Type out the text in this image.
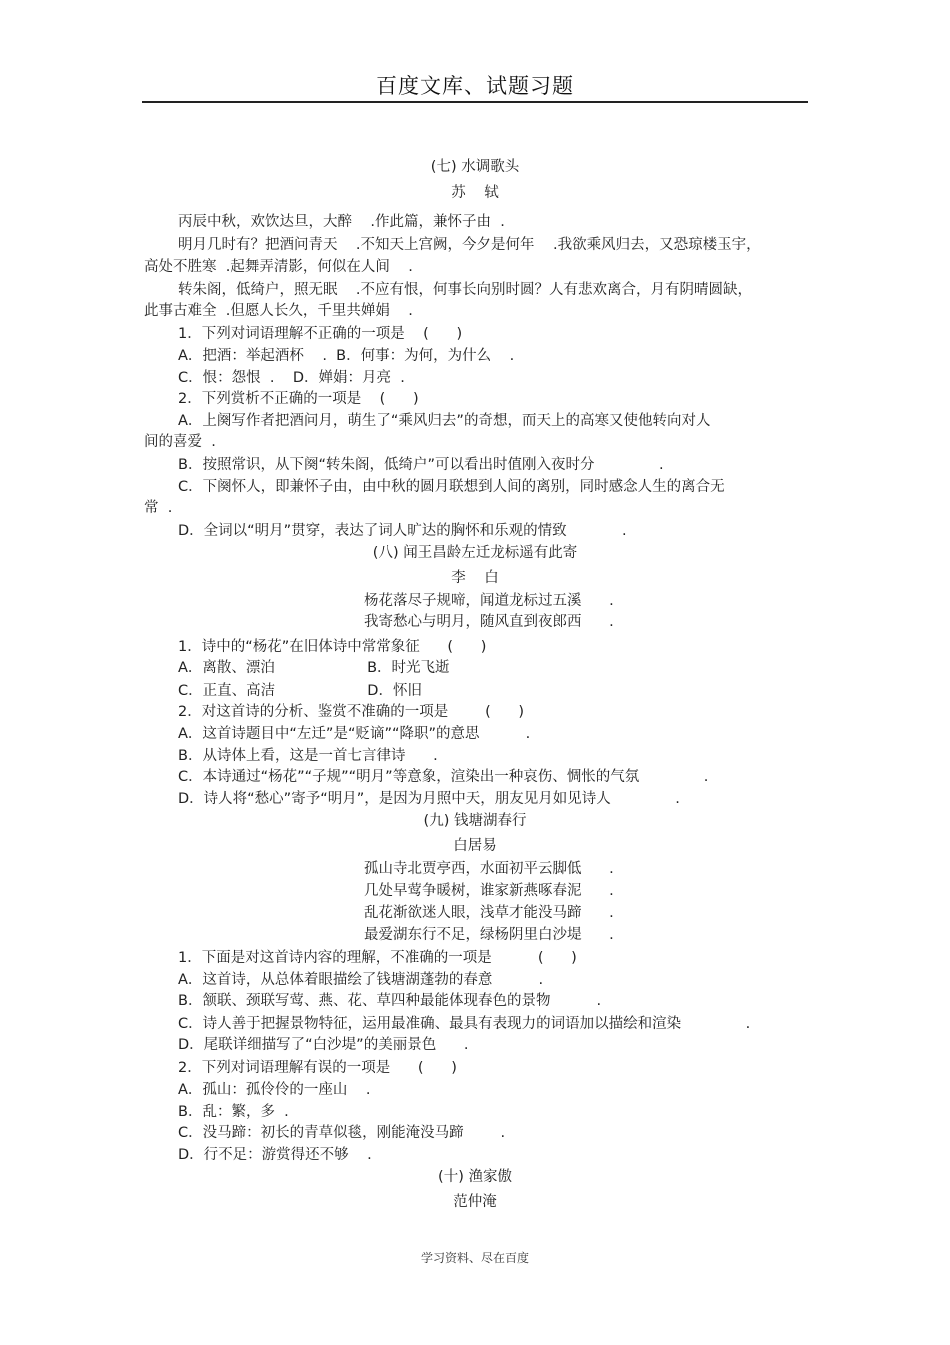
百度文库、试题习题
(七) 水调歌头
苏    轼
丙辰中秋，欢饮达旦，大醉    .作此篇，兼怀子由  .
明月几时有？把酒问青天    .不知天上宫阙，今夕是何年    .我欲乘风归去，又恐琼楼玉宇，
高处不胜寒  .起舞弄清影，何似在人间    .
转朱阁，低绮户，照无眠    .不应有恨，何事长向别时圆？人有悲欢离合，月有阴晴圆缺，
此事古难全  .但愿人长久，千里共婵娟    .
1．下列对词语理解不正确的一项是    (      )
A．把酒：举起酒杯    .  B．何事：为何，为什么    .
C．恨：怨恨  .    D．婵娟：月亮  .
2．下列赏析不正确的一项是    (      )
A．上阕写作者把酒问月，萌生了“乘风归去”的奇想，而天上的高寒又使他转向对人
间的喜爱  .
B．按照常识，从下阕“转朱阁，低绮户”可以看出时值刚入夜时分              .
C．下阕怀人，即兼怀子由，由中秋的圆月联想到人间的离别，同时感念人生的离合无
常  .
D．全词以“明月”贯穿，表达了词人旷达的胸怀和乐观的情致            .
(八) 闻王昌龄左迁龙标遥有此寄
李    白
杨花落尽子规啼，闻道龙标过五溪      .
我寄愁心与明月，随风直到夜郎西      .
1．诗中的“杨花”在旧体诗中常常象征      (      )
A．离散、漂泊                    B．时光飞逝
C．正直、高洁                    D．怀旧
2．对这首诗的分析、鉴赏不准确的一项是        (      )
A．这首诗题目中“左迁”是“贬谪”“降职”的意思          .
B．从诗体上看，这是一首七言律诗      .
C．本诗通过“杨花”“子规”“明月”等意象，渲染出一种哀伤、惆怅的气氛              .
D．诗人将“愁心”寄予“明月”，是因为月照中天，朋友见月如见诗人              .
(九) 钱塘湖春行
白居易
孤山寺北贾亭西，水面初平云脚低      .
几处早莺争暖树，谁家新燕啄春泥      .
乱花渐欲迷人眼，浅草才能没马蹄      .
最爱湖东行不足，绿杨阴里白沙堤      .
1．下面是对这首诗内容的理解，不准确的一项是          (      )
A．这首诗，从总体着眼描绘了钱塘湖蓬勃的春意          .
B．颔联、颈联写莺、燕、花、草四种最能体现春色的景物          .
C．诗人善于把握景物特征，运用最准确、最具有表现力的词语加以描绘和渲染              .
D．尾联详细描写了“白沙堤”的美丽景色      .
2．下列对词语理解有误的一项是      (      )
A．孤山：孤伶伶的一座山    .
B．乱：繁，多  .
C．没马蹄：初长的青草似毯，刚能淹没马蹄        .
D．行不足：游赏得还不够    .
(十) 渔家傲
范仲淹
学习资料、尽在百度
